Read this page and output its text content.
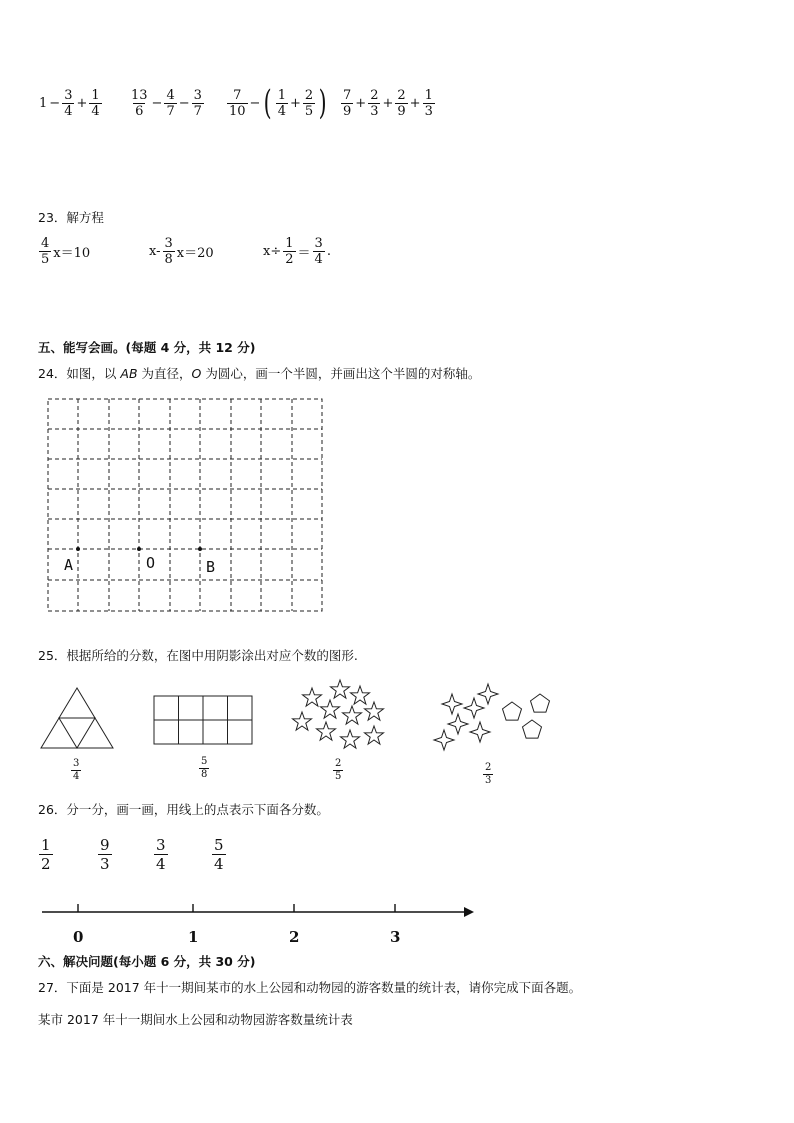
$1 - \frac{3}{4} + \frac{1}{4} \frac{13}{6} - \frac{4}{7} - \frac{3}{7} \frac{7}{10}$ − ( $\frac{1}{4} + \frac{2}{5}$ ) $\frac{7}{9} + \frac{2}{3} + \frac{2}{9} + \frac{1}{3}$
23．解方程
$\frac{4}{5} x=10$	$x- \frac{3}{8} x=20$	$x\div \frac{1}{2} = \frac{3}{4}$ .
五、能写会画。(每题 4 分，共 12 分)
24．如图，以 AB 为直径，O 为圆心，画一个半圆，并画出这个半圆的对称轴。
A	O	B
25．根据所给的分数，在图中用阴影涂出对应个数的图形.
$\frac{3}{4}$	$\frac{5}{8}$	$\frac{2}{5}$	$\frac{2}{3}$
26．分一分，画一画，用线上的点表示下面各分数。
$\frac{1}{2}$	$\frac{9}{3}$	$\frac{3}{4}$	$\frac{5}{4}$
0	1	2	3
六、解决问题(每小题 6 分，共 30 分)
27．下面是 2017 年十一期间某市的水上公园和动物园的游客数量的统计表，请你完成下面各题。
某市 2017 年十一期间水上公园和动物园游客数量统计表
